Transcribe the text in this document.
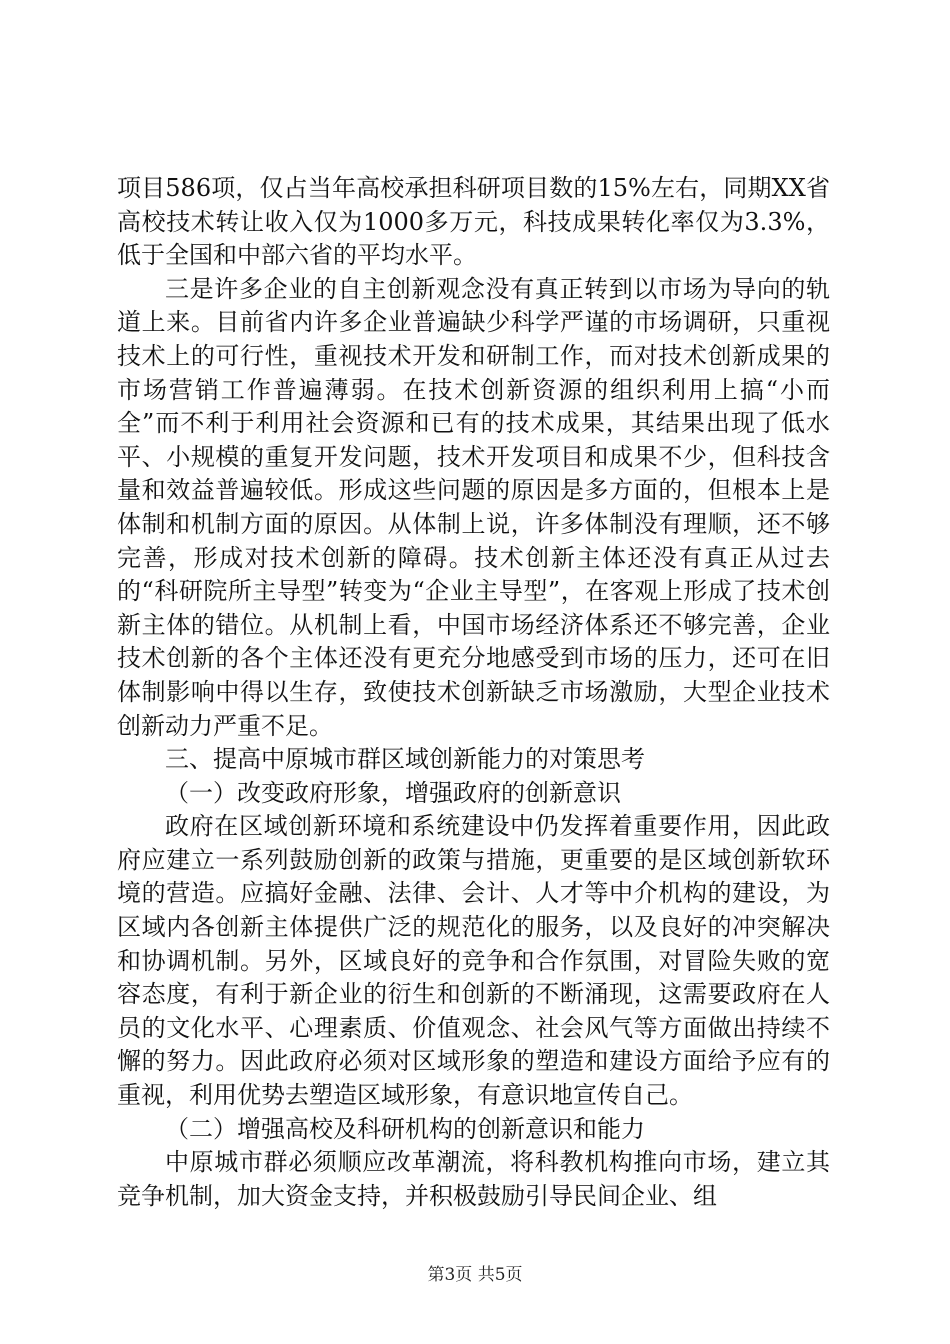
项目586项，仅占当年高校承担科研项目数的15%左右，同期XX省高校技术转让收入仅为1000多万元，科技成果转化率仅为3.3%，低于全国和中部六省的平均水平。

三是许多企业的自主创新观念没有真正转到以市场为导向的轨道上来。目前省内许多企业普遍缺少科学严谨的市场调研，只重视技术上的可行性，重视技术开发和研制工作，而对技术创新成果的市场营销工作普遍薄弱。在技术创新资源的组织利用上搞“小而全”而不利于利用社会资源和已有的技术成果，其结果出现了低水平、小规模的重复开发问题，技术开发项目和成果不少，但科技含量和效益普遍较低。形成这些问题的原因是多方面的，但根本上是体制和机制方面的原因。从体制上说，许多体制没有理顺，还不够完善，形成对技术创新的障碍。技术创新主体还没有真正从过去的“科研院所主导型”转变为“企业主导型”，在客观上形成了技术创新主体的错位。从机制上看，中国市场经济体系还不够完善，企业技术创新的各个主体还没有更充分地感受到市场的压力，还可在旧体制影响中得以生存，致使技术创新缺乏市场激励，大型企业技术创新动力严重不足。

三、提高中原城市群区域创新能力的对策思考

（一）改变政府形象，增强政府的创新意识

政府在区域创新环境和系统建设中仍发挥着重要作用，因此政府应建立一系列鼓励创新的政策与措施，更重要的是区域创新软环境的营造。应搞好金融、法律、会计、人才等中介机构的建设，为区域内各创新主体提供广泛的规范化的服务，以及良好的冲突解决和协调机制。另外，区域良好的竞争和合作氛围，对冒险失败的宽容态度，有利于新企业的衍生和创新的不断涌现，这需要政府在人员的文化水平、心理素质、价值观念、社会风气等方面做出持续不懈的努力。因此政府必须对区域形象的塑造和建设方面给予应有的重视，利用优势去塑造区域形象，有意识地宣传自己。

（二）增强高校及科研机构的创新意识和能力

中原城市群必须顺应改革潮流，将科教机构推向市场，建立其竞争机制，加大资金支持，并积极鼓励引导民间企业、组

第3页 共5页
